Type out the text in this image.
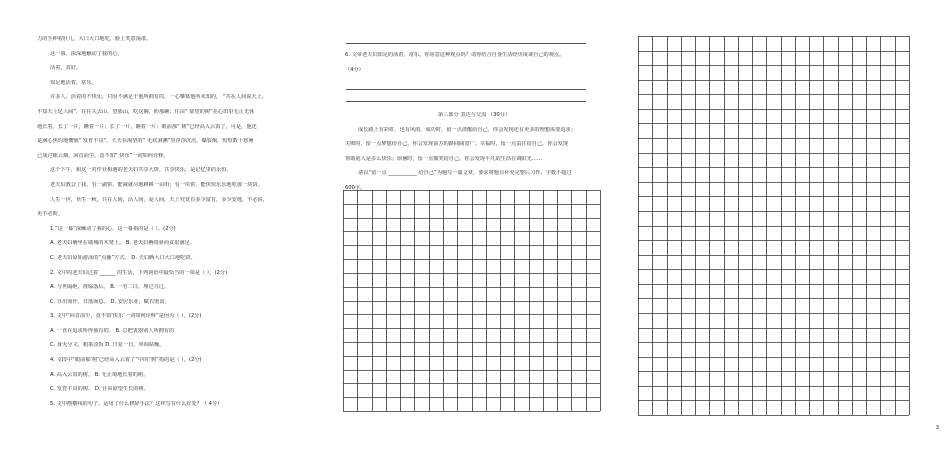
力的手伸着肝儿，大口大口地吃，脸上笑意荡漾。

这一幕，深深地触动了我的心。

活着，真好。

知足地活着，常乐。

许多人，活着的不快乐，只因不满足于他所拥有的，一心攀慕他所未知的， “共在人间说天上，

不知天上忆人间”，往往失去山，望那山，吃这碗，盼那碗；任由“ 欲望的树”在心田里无止无休

地长着，长了一片，瞧着一片；长了一片，瞧着一片；眼前那“ 树”已经高入云霄了，可是，他还

是满心焦灼地懊恼“ 发育不良”，天天在渴望的“ 无底洞渊”里浮浮沉沉，爆裂炯，短短数十寒暑

已成过眼云烟，回首前尘，竟不知“ 快乐”一词如何诠释。

这个下午，和这一对作业相遇的老夫妇共享大饼，共享快乐，是记忆里的永恒。

老夫妇教会了我，有一副饼，能减就尽地耕耕一亩田；有一块饼，能快快乐乐地吃那一块饼。

人生一世，草生一秋，共在人间，活人间，爱人间，天上究竟有多少富有，多少安逸，不必说，

更不必盼。

1.“这一幕”深触动了我的心，这一幕指的是（ ）。(2分)

A. 老夫妇俩坐在墙城的木凳上。 B. 老夫妇俩络驿而食很满足。

C. 老夫妇原始游泳的“点播”方式。 D. 夫妇俩大口大口地吃饼。

2. 文中的老夫妇过着 ______ 的生活，下列词语中最恰当的一项是（ ）。(2分)

A. 与世隔绝，准临落后。 B. 一穷二白，埋过且过。

C. 日出而作，日落而息。 D. 安居乐业，赋衣饱食。

3. 文中“回首前尘，竟不知‘快乐’一词如何诠释”是因为（ ）。(2分)

A. 一直在追求所得那有的。 B. 总把衷器别人所拥有的

C. 身无分文，粗茶淡饭 D. 日复一日，单调枯燥。

4. 文段中“眼前那‘树’已经高入云霄了”中的“树”指的是（ ）。(2分)

A. 高入云霄的树。 B. 无止境地长着的树。

C. 发育不良的树。 D. 任由欲望生长的树。

5. 文中画横线的句子，运用了什么修辞手法？这样写有什么好处？（ 4分）

6. 文章老夫妇知足的活着，常乐。你同意这种观点吗？请你结合自身生活经历谈谈自己的观点。

（4分）

第三部分 表达与交流 （30分）

成长路上有彩虹，也有风雨，成功时，留一点清醒给自己，你会发现还有更多的理想需要追求；

失败时，留一点梦想给自己，你会发现前方的路间阔宽广；幸福时，留一点责任给自己，你会发现

帮助别人是多么快乐；烦恼时，留一点微笑给自己，你会发现平凡的生活在调阳光……

请以“留一点 ___________ 给自己”为题写一篇文章，要求将题目补充完整后习作，字数不超过

600字。

3
